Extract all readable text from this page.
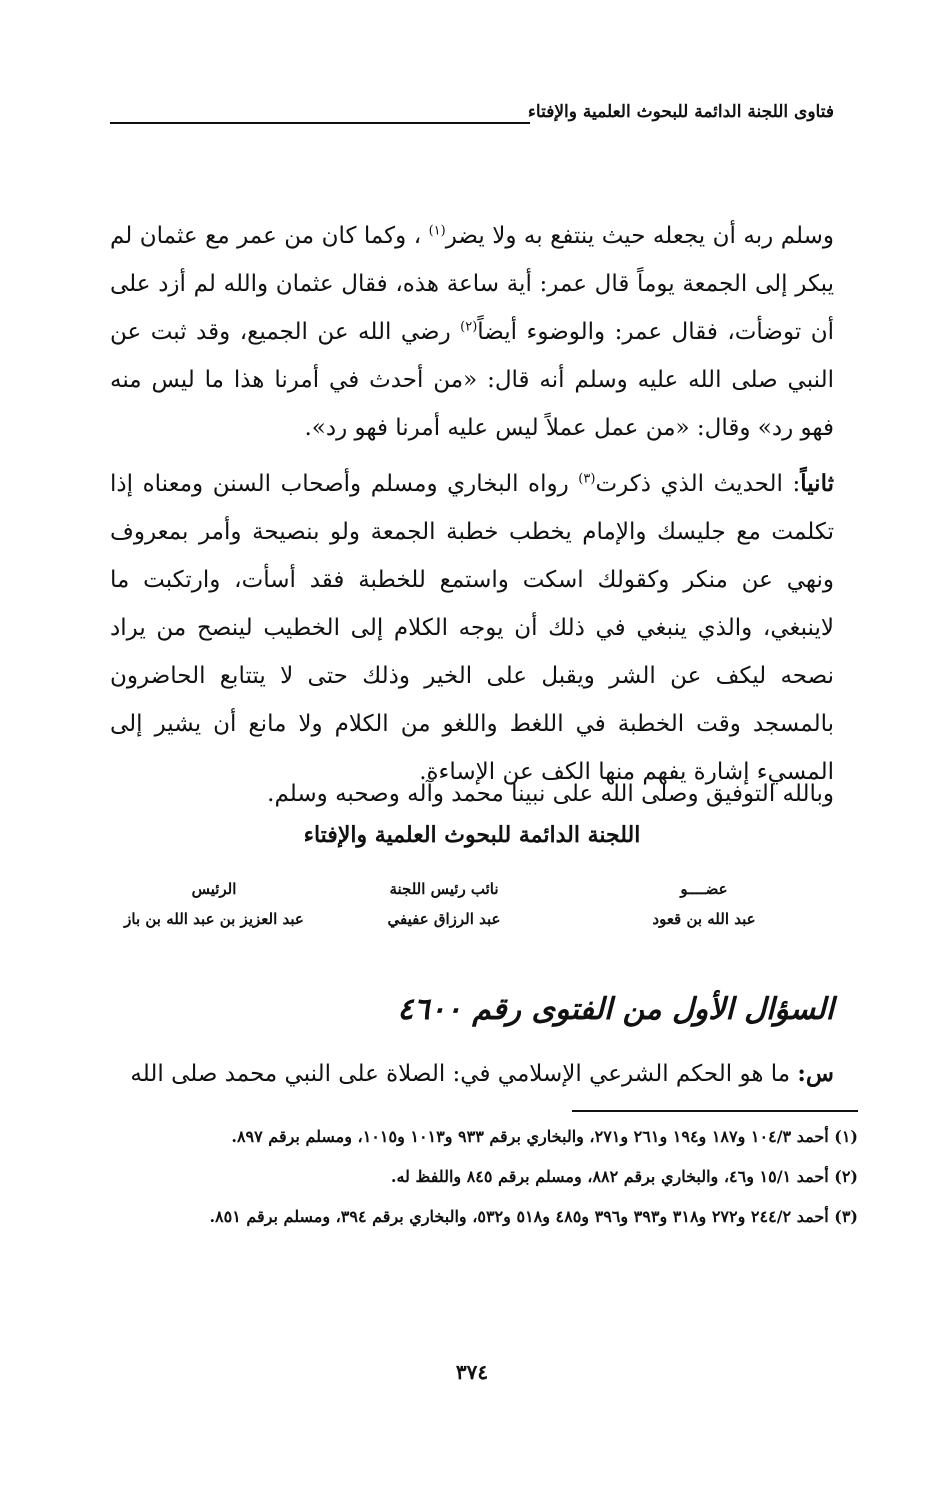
فتاوى اللجنة الدائمة للبحوث العلمية والإفتاء
وسلم ربه أن يجعله حيث ينتفع به ولا يضر$^{(١)}$ ، وكما كان من عمر مع عثمان لم يبكر إلى الجمعة يوماً قال عمر: أية ساعة هذه، فقال عثمان والله لم أزد على أن توضأت، فقال عمر: والوضوء أيضاً$^{(٢)}$ رضي الله عن الجميع، وقد ثبت عن النبي صلى الله عليه وسلم أنه قال: «من أحدث في أمرنا هذا ما ليس منه فهو رد» وقال: «من عمل عملاً ليس عليه أمرنا فهو رد».
ثانياً: الحديث الذي ذكرت$^{(٣)}$ رواه البخاري ومسلم وأصحاب السنن ومعناه إذا تكلمت مع جليسك والإمام يخطب خطبة الجمعة ولو بنصيحة وأمر بمعروف ونهي عن منكر وكقولك اسكت واستمع للخطبة فقد أسأت، وارتكبت ما لاينبغي، والذي ينبغي في ذلك أن يوجه الكلام إلى الخطيب لينصح من يراد نصحه ليكف عن الشر ويقبل على الخير وذلك حتى لا يتتابع الحاضرون بالمسجد وقت الخطبة في اللغط واللغو من الكلام ولا مانع أن يشير إلى المسيء إشارة يفهم منها الكف عن الإساءة.
وبالله التوفيق وصلى الله على نبينا محمد وآله وصحبه وسلم.
اللجنة الدائمة للبحوث العلمية والإفتاء
عضــــو
عبد الله بن قعود
نائب رئيس اللجنة
عبد الرزاق عفيفي
الرئيس
عبد العزيز بن عبد الله بن باز
السؤال الأول من الفتوى رقم ٤٦٠٠
س: ما هو الحكم الشرعي الإسلامي في: الصلاة على النبي محمد صلى الله

(١) أحمد ١٠٤/٣ و١٨٧ و١٩٤ و٢٦١ و٢٧١، والبخاري برقم ٩٣٣ و١٠١٣ و١٠١٥، ومسلم برقم ٨٩٧.

(٢) أحمد ١٥/١ و٤٦، والبخاري برقم ٨٨٢، ومسلم برقم ٨٤٥ واللفظ له.

(٣) أحمد ٢٤٤/٢ و٢٧٢ و٣١٨ و٣٩٣ و٣٩٦ و٤٨٥ و٥١٨ و٥٣٢، والبخاري برقم ٣٩٤، ومسلم برقم ٨٥١.

٣٧٤
